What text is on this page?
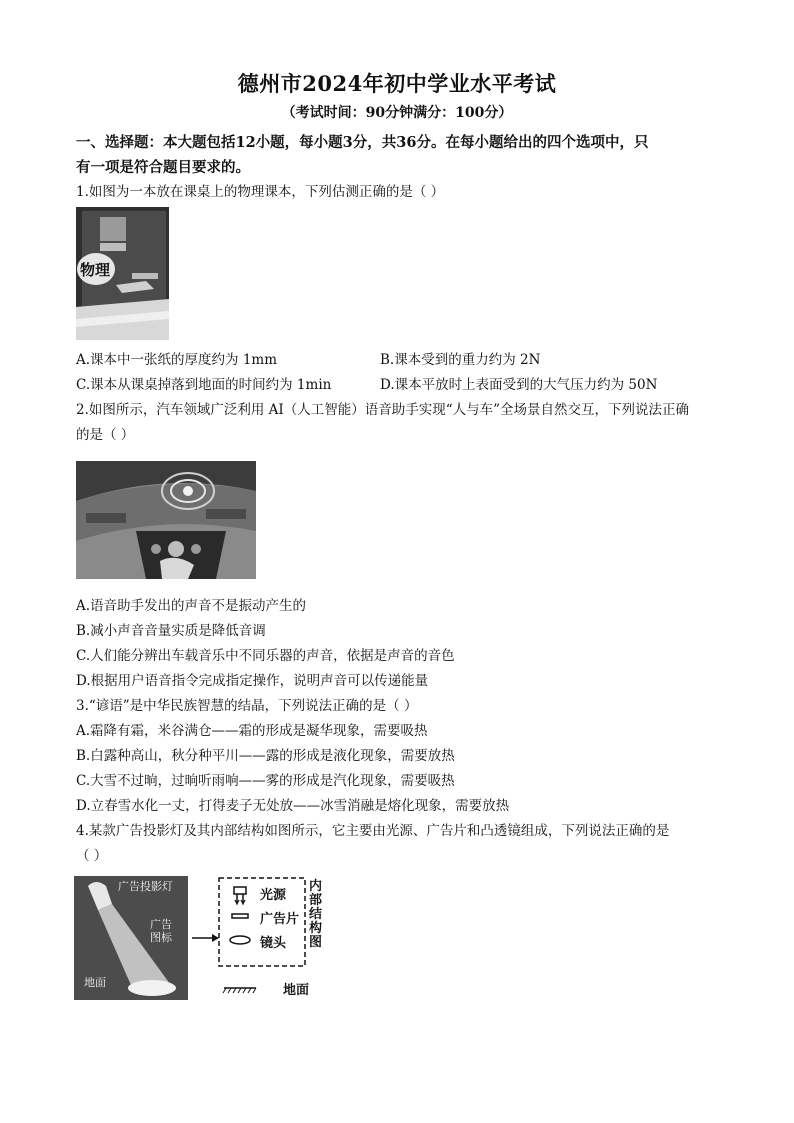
德州市2024年初中学业水平考试
（考试时间：90分钟满分：100分）
一、选择题：本大题包括12小题，每小题3分，共36分。在每小题给出的四个选项中，只
有一项是符合题目要求的。
1.如图为一本放在课桌上的物理课本，下列估测正确的是（ ）
物理
A.课本中一张纸的厚度约为 1mm	B.课本受到的重力约为 2N
C.课本从课桌掉落到地面的时间约为 1min	D.课本平放时上表面受到的大气压力约为 50N
2.如图所示，汽车领域广泛利用 AI（人工智能）语音助手实现“人与车”全场景自然交互，下列说法正确
的是（ ）
A.语音助手发出的声音不是振动产生的
B.减小声音音量实质是降低音调
C.人们能分辨出车载音乐中不同乐器的声音，依据是声音的音色
D.根据用户语音指令完成指定操作，说明声音可以传递能量
3.“谚语”是中华民族智慧的结晶，下列说法正确的是（ ）
A.霜降有霜，米谷满仓——霜的形成是凝华现象，需要吸热
B.白露种高山，秋分种平川——露的形成是液化现象，需要放热
C.大雪不过晌，过晌听雨响——雾的形成是汽化现象，需要吸热
D.立春雪水化一丈，打得麦子无处放——冰雪消融是熔化现象，需要放热
4.某款广告投影灯及其内部结构如图所示，它主要由光源、广告片和凸透镜组成，下列说法正确的是
（ ）
广告投影灯
广告图标
地面
光源
广告片
镜头
内部结构图
地面
